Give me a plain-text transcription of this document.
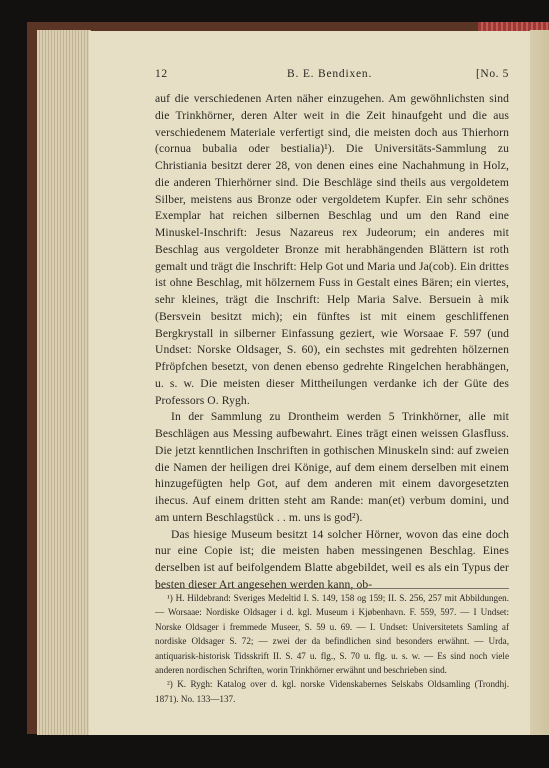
12	B. E. Bendixen.	[No. 5

auf die verschiedenen Arten näher einzugehen. Am gewöhnlichsten sind die Trinkhörner, deren Alter weit in die Zeit hinaufgeht und die aus verschiedenem Materiale verfertigt sind, die meisten doch aus Thierhorn (cornua bubalia oder bestialia)¹). Die Universitäts-Sammlung zu Christiania besitzt derer 28, von denen eines eine Nachahmung in Holz, die anderen Thierhörner sind. Die Beschläge sind theils aus vergoldetem Silber, meistens aus Bronze oder vergoldetem Kupfer. Ein sehr schönes Exemplar hat reichen silbernen Beschlag und um den Rand eine Minuskel-Inschrift: Jesus Nazareus rex Judeorum; ein anderes mit Beschlag aus vergoldeter Bronze mit herabhängenden Blättern ist roth gemalt und trägt die Inschrift: Help Got und Maria und Ja(cob). Ein drittes ist ohne Beschlag, mit hölzernem Fuss in Gestalt eines Bären; ein viertes, sehr kleines, trägt die Inschrift: Help Maria Salve. Bersuein à mik (Bersvein besitzt mich); ein fünftes ist mit einem geschliffenen Bergkrystall in silberner Einfassung geziert, wie Worsaae F. 597 (und Undset: Norske Oldsager, S. 60), ein sechstes mit gedrehten hölzernen Pfröpfchen besetzt, von denen ebenso gedrehte Ringelchen herabhängen, u. s. w. Die meisten dieser Mittheilungen verdanke ich der Güte des Professors O. Rygh.

In der Sammlung zu Drontheim werden 5 Trinkhörner, alle mit Beschlägen aus Messing aufbewahrt. Eines trägt einen weissen Glasfluss. Die jetzt kenntlichen Inschriften in gothischen Minuskeln sind: auf zweien die Namen der heiligen drei Könige, auf dem einem derselben mit einem hinzugefügten help Got, auf dem anderen mit einem davorgesetzten ihecus. Auf einem dritten steht am Rande: man(et) verbum domini, und am untern Beschlagstück . . m. uns is god²).

Das hiesige Museum besitzt 14 solcher Hörner, wovon das eine doch nur eine Copie ist; die meisten haben messingenen Beschlag. Eines derselben ist auf beifolgendem Blatte abgebildet, weil es als ein Typus der besten dieser Art angesehen werden kann, ob-

¹) H. Hildebrand: Sveriges Medeltid I. S. 149, 158 og 159; II. S. 256, 257 mit Abbildungen. — Worsaae: Nordiske Oldsager i d. kgl. Museum i Kjøbenhavn. F. 559, 597. — I Undset: Norske Oldsager i fremmede Museer, S. 59 u. 69. — I. Undset: Universitetets Samling af nordiske Oldsager S. 72; — zwei der da befindlichen sind besonders erwähnt. — Urda, antiquarisk-historisk Tidsskrift II. S. 47 u. flg., S. 70 u. flg. u. s. w. — Es sind noch viele anderen nordischen Schriften, worin Trinkhörner erwähnt und beschrieben sind.

²) K. Rygh: Katalog over d. kgl. norske Videnskabernes Selskabs Oldsamling (Trondhj. 1871). No. 133—137.
